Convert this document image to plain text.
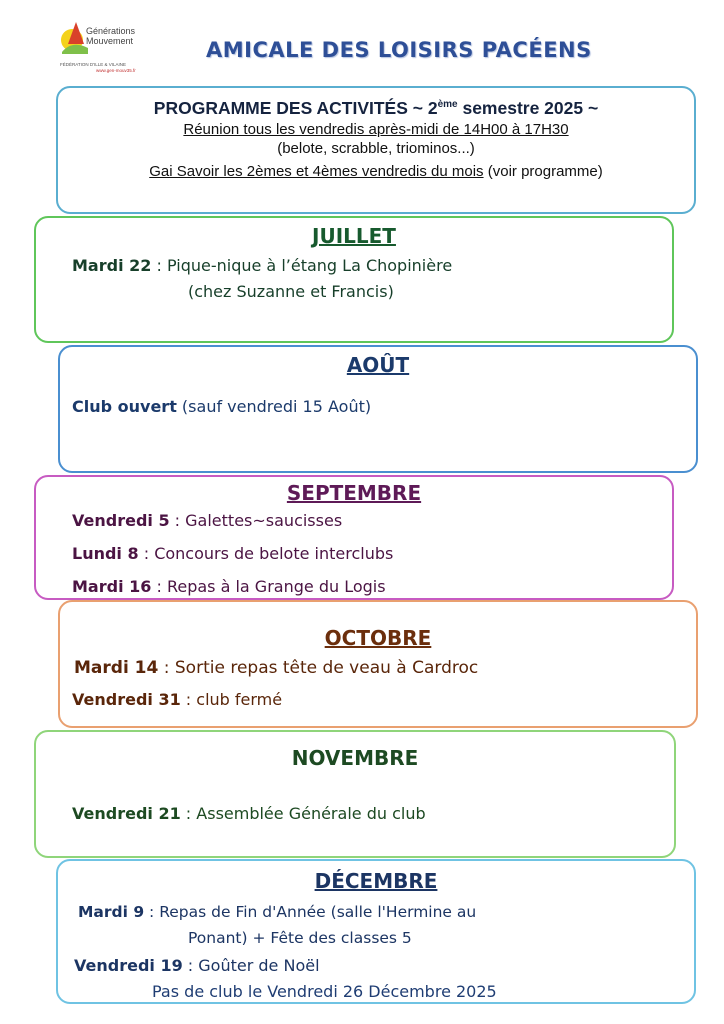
Générations
Mouvement
FÉDÉRATION D'ILLE & VILAINE
www.gen-mouv35.fr
AMICALE DES LOISIRS PACÉENS
PROGRAMME DES ACTIVITÉS ~ 2ème semestre 2025 ~
Réunion tous les vendredis après-midi de 14H00 à 17H30
(belote, scrabble, triominos...)
Gai Savoir les 2èmes et 4èmes vendredis du mois (voir programme)
JUILLET
Mardi 22 : Pique-nique à l’étang La Chopinière
(chez Suzanne et Francis)
AOÛT
Club ouvert (sauf vendredi 15 Août)
SEPTEMBRE
Vendredi 5 : Galettes~saucisses
Lundi 8 : Concours de belote interclubs
Mardi 16 : Repas à la Grange du Logis
OCTOBRE
Mardi 14 : Sortie repas tête de veau à Cardroc
Vendredi 31 : club fermé
NOVEMBRE
Vendredi 21 : Assemblée Générale du club
DÉCEMBRE
Mardi 9 : Repas de Fin d'Année (salle l'Hermine au
Ponant) + Fête des classes 5
Vendredi 19 : Goûter de Noël
Pas de club le Vendredi 26 Décembre 2025
